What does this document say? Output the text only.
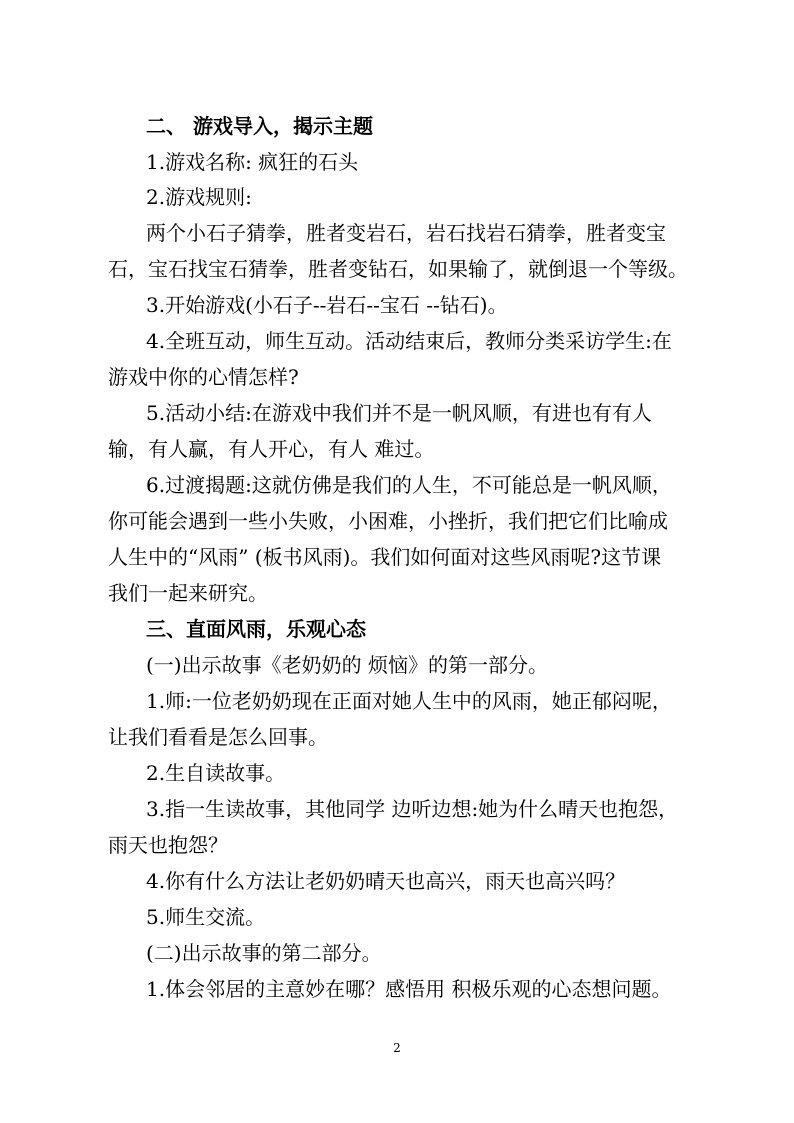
二、 游戏导入，揭示主题
1.游戏名称: 疯狂的石头
2.游戏规则:
两个小石子猜拳，胜者变岩石，岩石找岩石猜拳，胜者变宝
石，宝石找宝石猜拳，胜者变钻石，如果输了，就倒退一个等级。
3.开始游戏(小石子--岩石--宝石 --钻石)。
4.全班互动，师生互动。活动结束后，教师分类采访学生:在
游戏中你的心情怎样?
5.活动小结:在游戏中我们并不是一帆风顺，有进也有有人
输，有人赢，有人开心，有人 难过。
6.过渡揭题:这就仿佛是我们的人生，不可能总是一帆风顺，
你可能会遇到一些小失败，小困难，小挫折，我们把它们比喻成
人生中的“风雨” (板书风雨)。我们如何面对这些风雨呢?这节课
我们一起来研究。
三、直面风雨，乐观心态
(一)出示故事《老奶奶的 烦恼》的第一部分。
1.师:一位老奶奶现在正面对她人生中的风雨，她正郁闷呢，
让我们看看是怎么回事。
2.生自读故事。
3.指一生读故事，其他同学 边听边想:她为什么晴天也抱怨，
雨天也抱怨？
4.你有什么方法让老奶奶晴天也高兴，雨天也高兴吗？
5.师生交流。
(二)出示故事的第二部分。
1.体会邻居的主意妙在哪？感悟用 积极乐观的心态想问题。
2
